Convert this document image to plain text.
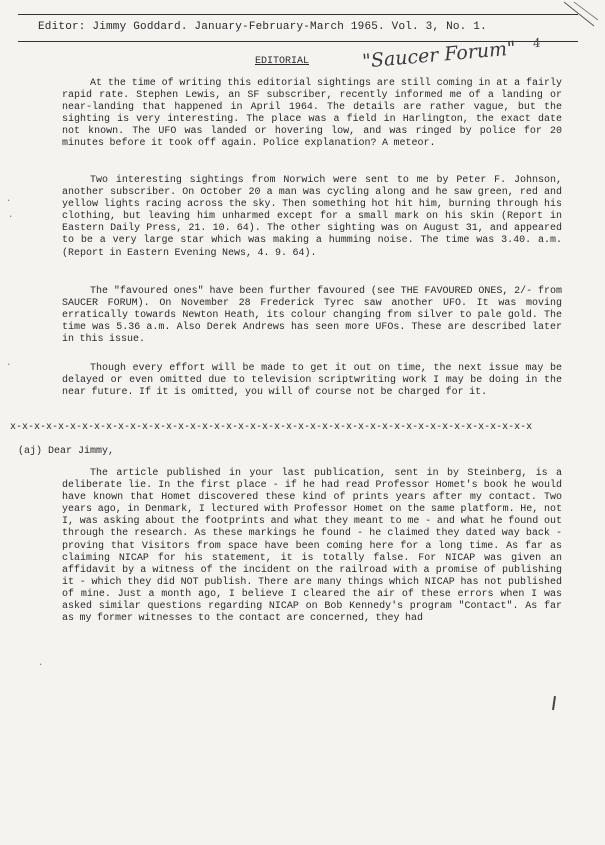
Editor: Jimmy Goddard. January-February-March 1965. Vol. 3, No. 1.
EDITORIAL	"Saucer Forum" 4

At the time of writing this editorial sightings are still coming in at a fairly rapid rate. Stephen Lewis, an SF subscriber, recently informed me of a landing or near-landing that happened in April 1964. The details are rather vague, but the sighting is very interesting. The place was a field in Harlington, the exact date not known. The UFO was landed or hovering low, and was ringed by police for 20 minutes before it took off again. Police explanation? A meteor.

Two interesting sightings from Norwich were sent to me by Peter F. Johnson, another subscriber. On October 20 a man was cycling along and he saw green, red and yellow lights racing across the sky. Then something hot hit him, burning through his clothing, but leaving him unharmed except for a small mark on his skin (Report in Eastern Daily Press, 21. 10. 64). The other sighting was on August 31, and appeared to be a very large star which was making a humming noise. The time was 3.40. a.m. (Report in Eastern Evening News, 4. 9. 64).

The "favoured ones" have been further favoured (see THE FAVOURED ONES, 2/- from SAUCER FORUM). On November 28 Frederick Tyrec saw another UFO. It was moving erratically towards Newton Heath, its colour changing from silver to pale gold. The time was 5.36 a.m. Also Derek Andrews has seen more UFOs. These are described later in this issue.

Though every effort will be made to get it out on time, the next issue may be delayed or even omitted due to television scriptwriting work I may be doing in the near future. If it is omitted, you will of course not be charged for it.

x-x-x-x-x-x-x-x-x-x-x-x-x-x-x-x-x-x-x-x-x-x-x-x-x-x-x-x-x-x-x-x-x-x-x-x-x-x-x-x-x-x-x-x
(aj) Dear Jimmy,

The article published in your last publication, sent in by Steinberg, is a deliberate lie. In the first place - if he had read Professor Homet's book he would have known that Homet discovered these kind of prints years after my contact. Two years ago, in Denmark, I lectured with Professor Homet on the same platform. He, not I, was asking about the footprints and what they meant to me - and what he found out through the research. As these markings he found - he claimed they dated way back - proving that Visitors from space have been coming here for a long time. As far as claiming NICAP for his statement, it is totally false. For NICAP was given an affidavit by a witness of the incident on the railroad with a promise of publishing it - which they did NOT publish. There are many things which NICAP has not published of mine. Just a month ago, I believe I cleared the air of these errors when I was asked similar questions regarding NICAP on Bob Kennedy's program "Contact". As far as my former witnesses to the contact are concerned, they had

·
·
·
·
